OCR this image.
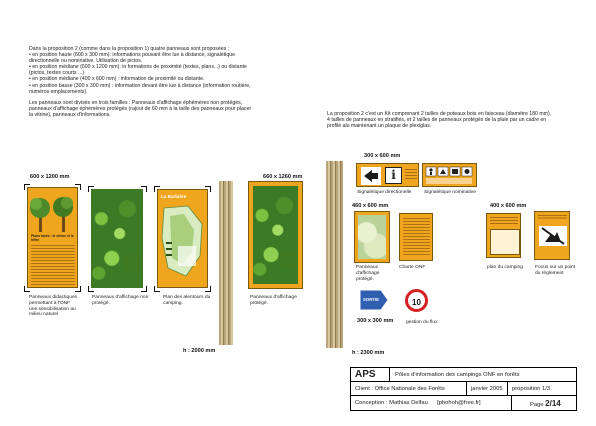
Dans la proposition 2 (comme dans la proposition 1) quatre panneaux sont proposées :

• en position haute (600 x 300 mm): informations pouvant être lue à distance, signalétique

directionnelle ou nominative. Utilisation de pictos.

• en position médiane (600 x 1200 mm): in formations de proximité (textes, plans...) ou distante

(pictos, textes courts ...)

• en position médiane (400 x 600 mm) : information de proximité ou distante.

• en position basse (300 x 300 mm) : information devant être lue à distance (information routière,

numéros emplacements).

Les panneaux sont divisés en trois familles : Panneaux d'affichage éphémères non protégés,

panneaux d'affichage éphémères protégés (rajout de 60 mm à la taille des panneaux pour placer

la vitrine), panneaux d'informations.	La proposition 2 c'est un Kit comprenant 2 tailles de poteaux bois en faisceau (diamètre 180 mm),

4 tailles de panneaux en stratifiés, et 2 tailles de panneaux protégés de la pluie par un cadre en

profilé alu maintenant un plaque de plexiglas.

600 x 1200 mm	660 x 1260 mm
300 x 600 mm
460 x 600 mm	400 x 600 mm
300 x 300 mm
h : 2000 mm	h : 2300 mm
Plans lavés : le chêne et le hêtre
Panneaux didactiques permettant à l'ONF une sensibilisation au milieu naturel
Panneaux d'affichage non protégé.
La Barbière
Plan des alentours du camping.
Panneaux d'affichage protégé.
i
Signalétique directionelle	Signalétique nominative
Panneaux d'affichage protégé.
Charte ONF	plan du camping Focus sur un point du règlement
SORTIE	10
gestion du flux
APS	Pôles d'information des campings ONF en forêts
Client : Office Nationale des Forêts	janvier 2005	proposition 1/3
Conception : Mathias Delfau [phohoh@free.fr]	Page 2/14
